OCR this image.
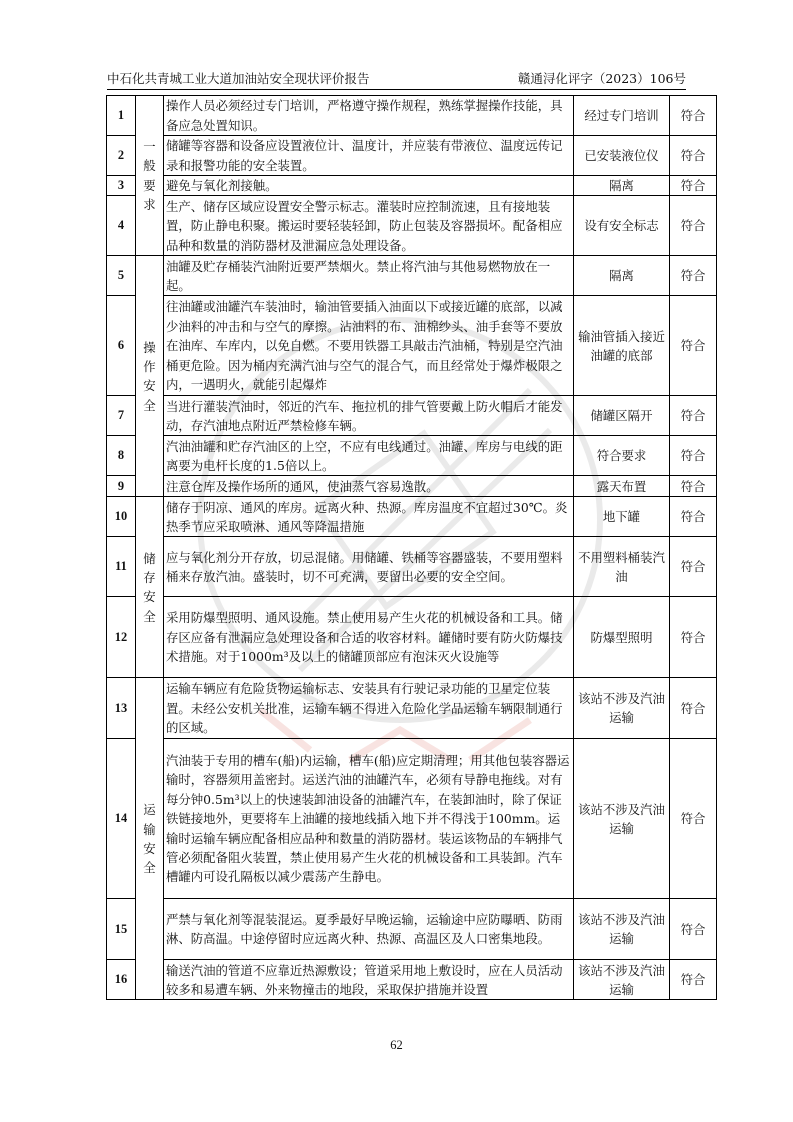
中石化共青城工业大道加油站安全现状评价报告	赣通浔化评字（2023）106号
1	一般要求	操作人员必须经过专门培训，严格遵守操作规程，熟练掌握操作技能，具备应急处置知识。	经过专门培训	符合
2		储罐等容器和设备应设置液位计、温度计，并应装有带液位、温度远传记录和报警功能的安全装置。	已安装液位仪	符合
3		避免与氧化剂接触。	隔离	符合
4		生产、储存区域应设置安全警示标志。灌装时应控制流速，且有接地装置，防止静电积聚。搬运时要轻装轻卸，防止包装及容器损坏。配备相应品种和数量的消防器材及泄漏应急处理设备。	设有安全标志	符合
5	操作安全	油罐及贮存桶装汽油附近要严禁烟火。禁止将汽油与其他易燃物放在一起。	隔离	符合
6		往油罐或油罐汽车装油时，输油管要插入油面以下或接近罐的底部，以减少油料的冲击和与空气的摩擦。沾油料的布、油棉纱头、油手套等不要放在油库、车库内，以免自燃。不要用铁器工具敲击汽油桶，特别是空汽油桶更危险。因为桶内充满汽油与空气的混合气，而且经常处于爆炸极限之内，一遇明火，就能引起爆炸	输油管插入接近油罐的底部	符合
7		当进行灌装汽油时，邻近的汽车、拖拉机的排气管要戴上防火帽后才能发动，存汽油地点附近严禁检修车辆。	储罐区隔开	符合
8		汽油油罐和贮存汽油区的上空，不应有电线通过。油罐、库房与电线的距离要为电杆长度的1.5倍以上。	符合要求	符合
9		注意仓库及操作场所的通风，使油蒸气容易逸散。	露天布置	符合
10	储存安全	储存于阴凉、通风的库房。远离火种、热源。库房温度不宜超过30℃。炎热季节应采取喷淋、通风等降温措施	地下罐	符合
11		应与氧化剂分开存放，切忌混储。用储罐、铁桶等容器盛装，不要用塑料桶来存放汽油。盛装时，切不可充满，要留出必要的安全空间。	不用塑料桶装汽油	符合
12		采用防爆型照明、通风设施。禁止使用易产生火花的机械设备和工具。储存区应备有泄漏应急处理设备和合适的收容材料。罐储时要有防火防爆技术措施。对于1000m³及以上的储罐顶部应有泡沫灭火设施等	防爆型照明	符合
13	运输安全	运输车辆应有危险货物运输标志、安装具有行驶记录功能的卫星定位装置。未经公安机关批准，运输车辆不得进入危险化学品运输车辆限制通行的区域。	该站不涉及汽油运输	符合
14		汽油装于专用的槽车(船)内运输，槽车(船)应定期清理；用其他包装容器运输时，容器须用盖密封。运送汽油的油罐汽车，必须有导静电拖线。对有每分钟0.5m³以上的快速装卸油设备的油罐汽车，在装卸油时，除了保证铁链接地外，更要将车上油罐的接地线插入地下并不得浅于100mm。运输时运输车辆应配备相应品种和数量的消防器材。装运该物品的车辆排气管必须配备阻火装置，禁止使用易产生火花的机械设备和工具装卸。汽车槽罐内可设孔隔板以减少震荡产生静电。	该站不涉及汽油运输	符合
15		严禁与氧化剂等混装混运。夏季最好早晚运输，运输途中应防曝晒、防雨淋、防高温。中途停留时应远离火种、热源、高温区及人口密集地段。	该站不涉及汽油运输	符合
16		输送汽油的管道不应靠近热源敷设；管道采用地上敷设时，应在人员活动较多和易遭车辆、外来物撞击的地段，采取保护措施并设置	该站不涉及汽油运输	符合
62
